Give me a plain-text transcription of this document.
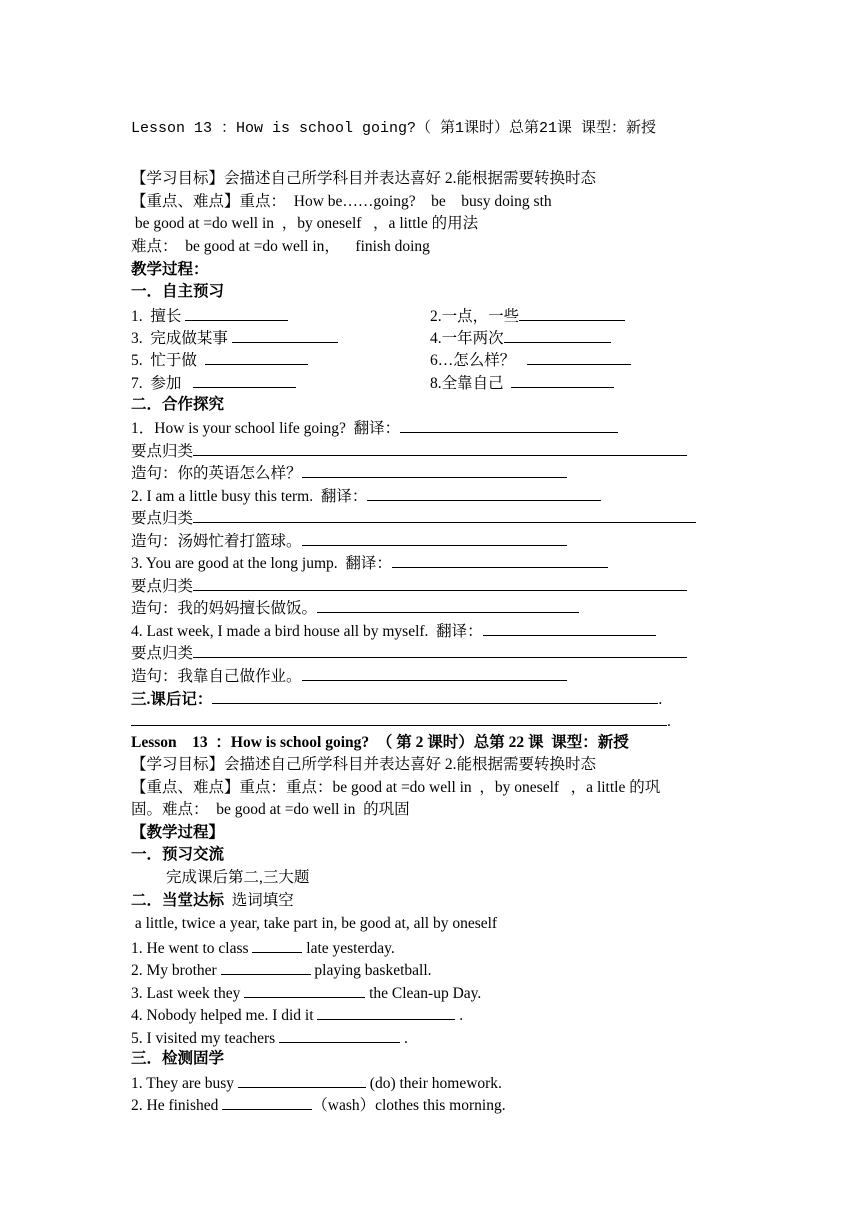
Lesson 13 ：How is school going?（ 第1课时）总第21课 课型：新授
【学习目标】会描述自己所学科目并表达喜好 2.能根据需要转换时态
【重点、难点】重点：  How be……going?    be    busy doing sth
be good at =do well in  ，by oneself   ，a little 的用法
难点：  be good at =do well in，    finish doing
教学过程：
一．自主预习
1.  擅长	2.一点，一些
3.  完成做某事	4.一年两次
5.  忙于做	6…怎么样？
7.  参加	8.全靠自己
二．合作探究
1．How is your school life going?  翻译：
要点归类
造句：你的英语怎么样？
2. I am a little busy this term.  翻译：
要点归类
造句：汤姆忙着打篮球。
3. You are good at the long jump.  翻译：
要点归类
造句：我的妈妈擅长做饭。
4. Last week, I made a bird house all by myself.  翻译：
要点归类
造句：我靠自己做作业。
三.课后记：	.
.
Lesson    13  ：How is school going?  （ 第 2 课时）总第 22 课  课型：新授
【学习目标】会描述自己所学科目并表达喜好 2.能根据需要转换时态
【重点、难点】重点：重点：be good at =do well in  ，by oneself   ，a little 的巩
固。难点：  be good at =do well in  的巩固
【教学过程】
一．预习交流
完成课后第二,三大题
二．当堂达标 选词填空
a little, twice a year, take part in, be good at, all by oneself
1. He went to class	late yesterday.
2. My brother	playing basketball.
3. Last week they	the Clean-up Day.
4. Nobody helped me. I did it	.
5. I visited my teachers	.
三．检测固学
1. They are busy	(do) their homework.
2. He finished	（wash）clothes this morning.
